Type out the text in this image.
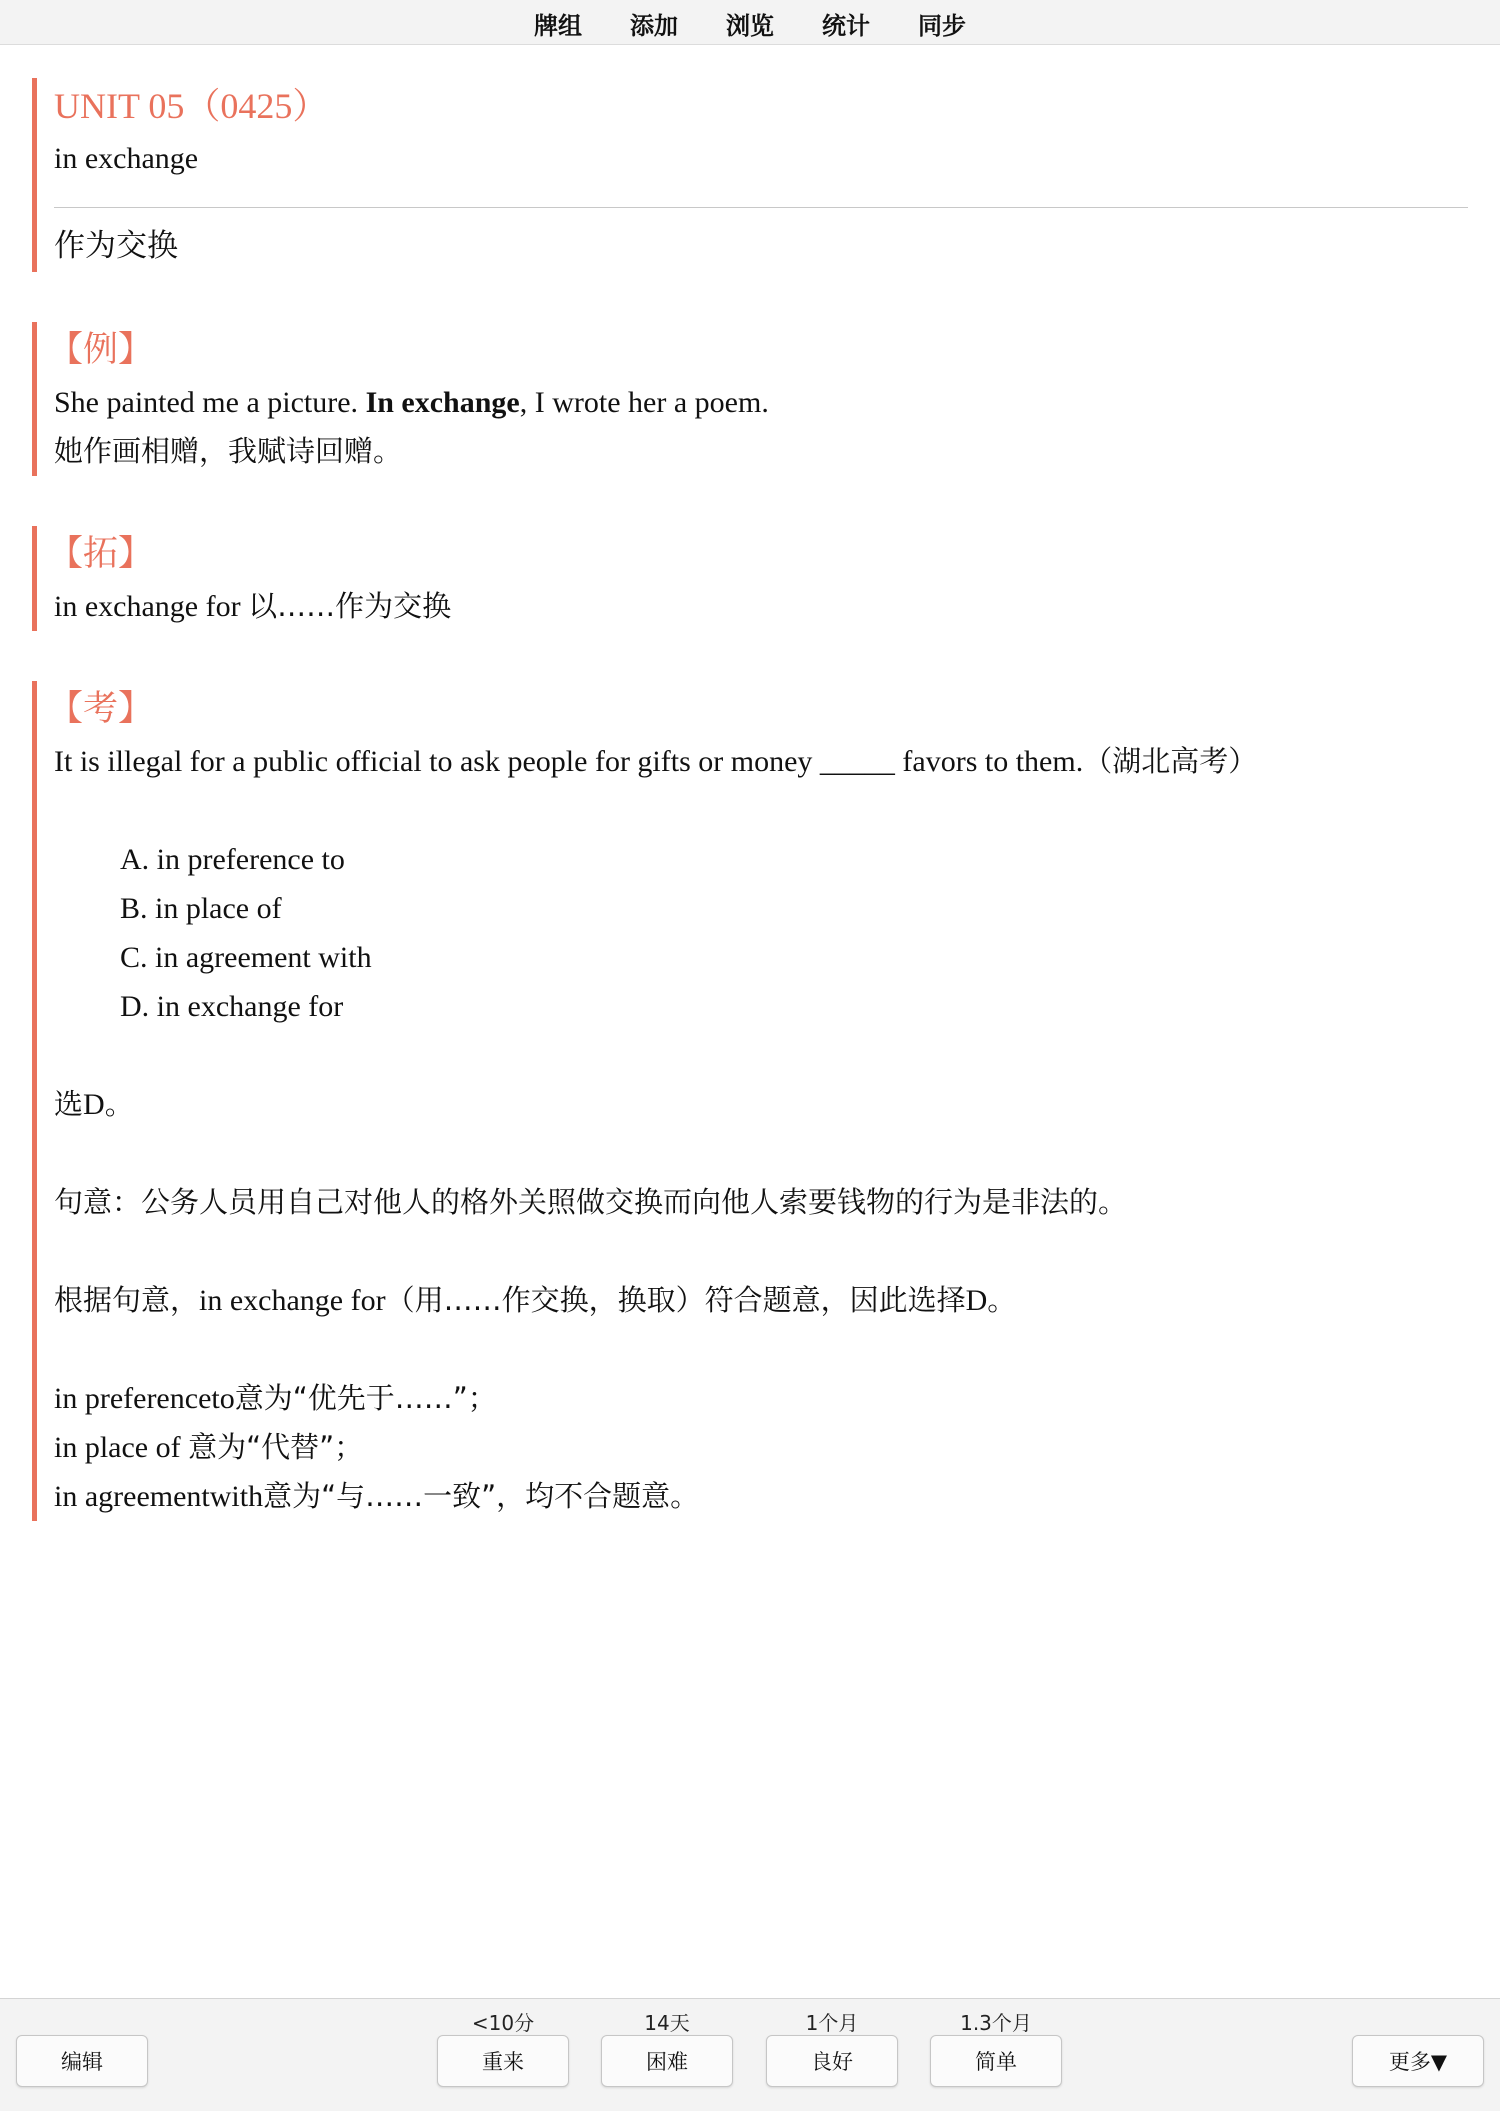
牌组 添加 浏览 统计 同步
UNIT 05（0425）
in exchange
作为交换
【例】
She painted me a picture. In exchange, I wrote her a poem.
她作画相赠，我赋诗回赠。
【拓】
in exchange for 以……作为交换
【考】
It is illegal for a public official to ask people for gifts or money _____ favors to them.（湖北高考）
A. in preference to
B. in place of
C. in agreement with
D. in exchange for
选D。
句意：公务人员用自己对他人的格外关照做交换而向他人索要钱物的行为是非法的。
根据句意，in exchange for（用……作交换，换取）符合题意，因此选择D。
in preferenceto意为“优先于……”；
in place of 意为“代替”；
in agreementwith意为“与……一致”，均不合题意。
编辑
<10分
重来
14天
困难
1个月
良好
1.3个月
简单	更多▼
